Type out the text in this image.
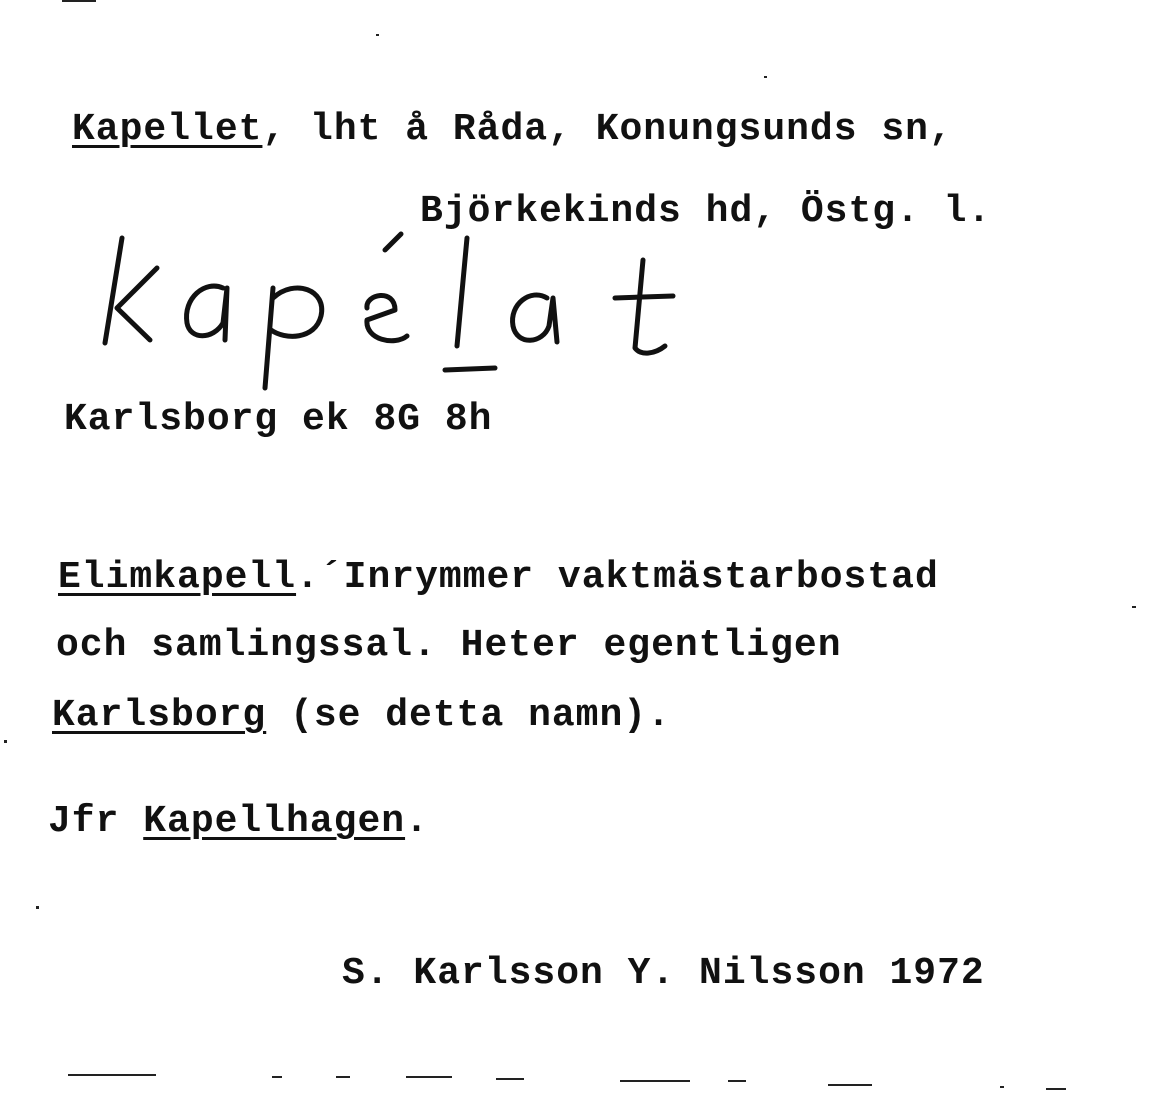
Kapellet, lht å Råda, Konungsunds sn,
Björkekinds hd, Östg. l.
Karlsborg ek 8G 8h
Elimkapell.´Inrymmer vaktmästarbostad
och samlingssal. Heter egentligen
Karlsborg (se detta namn).
Jfr Kapellhagen.
S. Karlsson Y. Nilsson 1972
